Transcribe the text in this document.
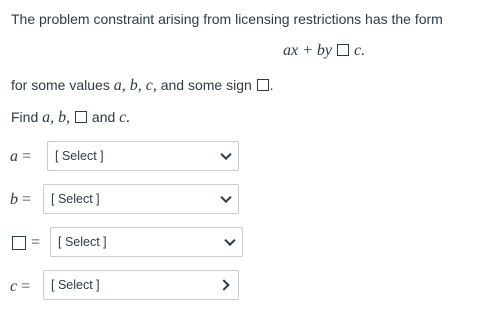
The problem constraint arising from licensing restrictions has the form
ax + by c.
for some values a, b, c, and some sign .
Find a, b,  and c.
a = [ Select ]
b = [ Select ]
= [ Select ]
c = [ Select ]
